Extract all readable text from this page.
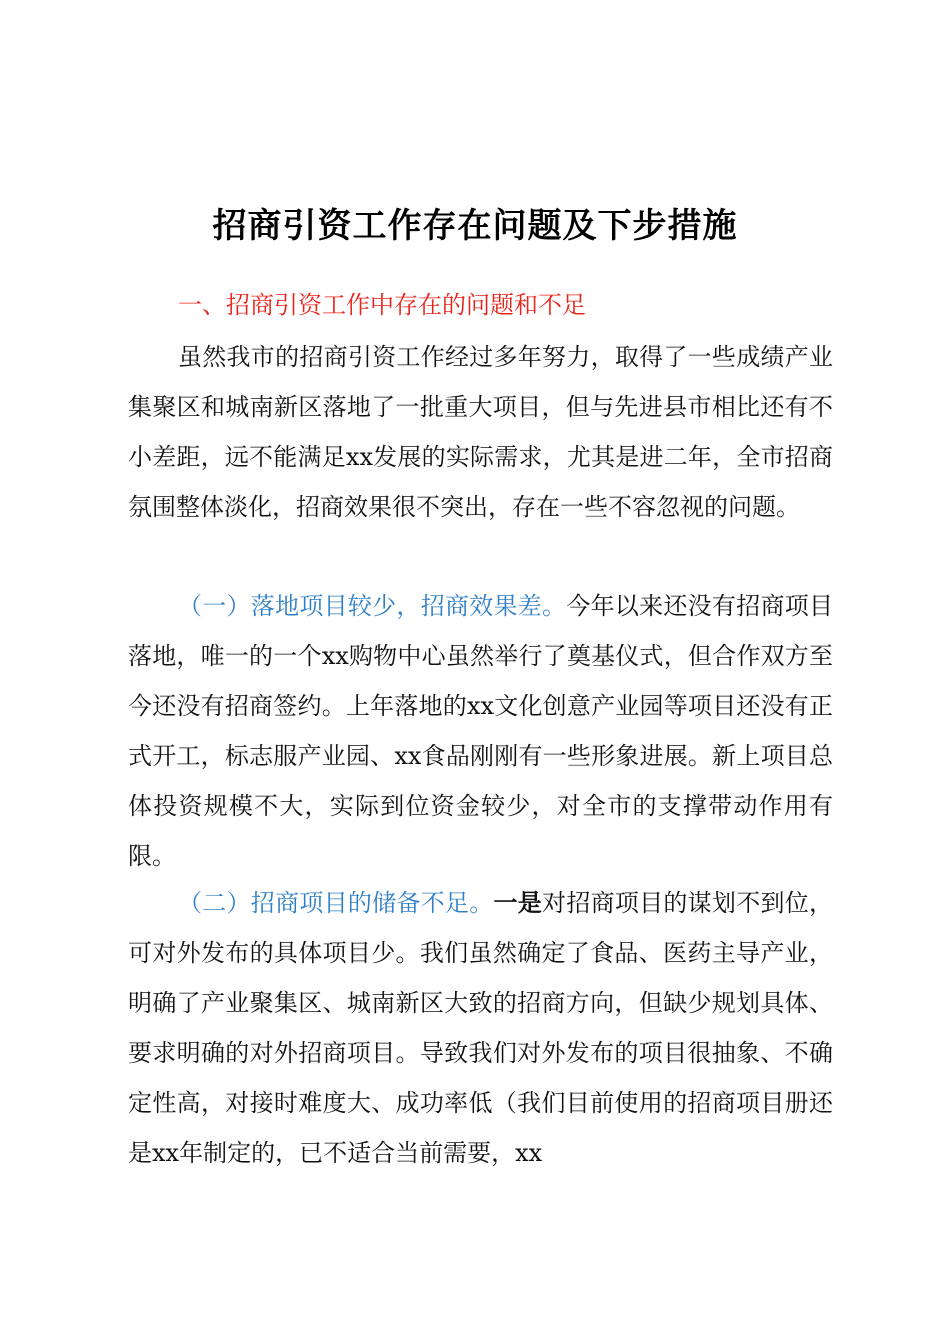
招商引资工作存在问题及下步措施
一、招商引资工作中存在的问题和不足

虽然我市的招商引资工作经过多年努力，取得了一些成绩产业集聚区和城南新区落地了一批重大项目，但与先进县市相比还有不小差距，远不能满足xx发展的实际需求，尤其是进二年，全市招商氛围整体淡化，招商效果很不突出，存在一些不容忽视的问题。

（一）落地项目较少，招商效果差。今年以来还没有招商项目落地，唯一的一个xx购物中心虽然举行了奠基仪式，但合作双方至今还没有招商签约。上年落地的xx文化创意产业园等项目还没有正式开工，标志服产业园、xx食品刚刚有一些形象进展。新上项目总体投资规模不大，实际到位资金较少，对全市的支撑带动作用有限。

（二）招商项目的储备不足。一是对招商项目的谋划不到位，可对外发布的具体项目少。我们虽然确定了食品、医药主导产业，明确了产业聚集区、城南新区大致的招商方向，但缺少规划具体、要求明确的对外招商项目。导致我们对外发布的项目很抽象、不确定性高，对接时难度大、成功率低（我们目前使用的招商项目册还是xx年制定的，已不适合当前需要，xx
